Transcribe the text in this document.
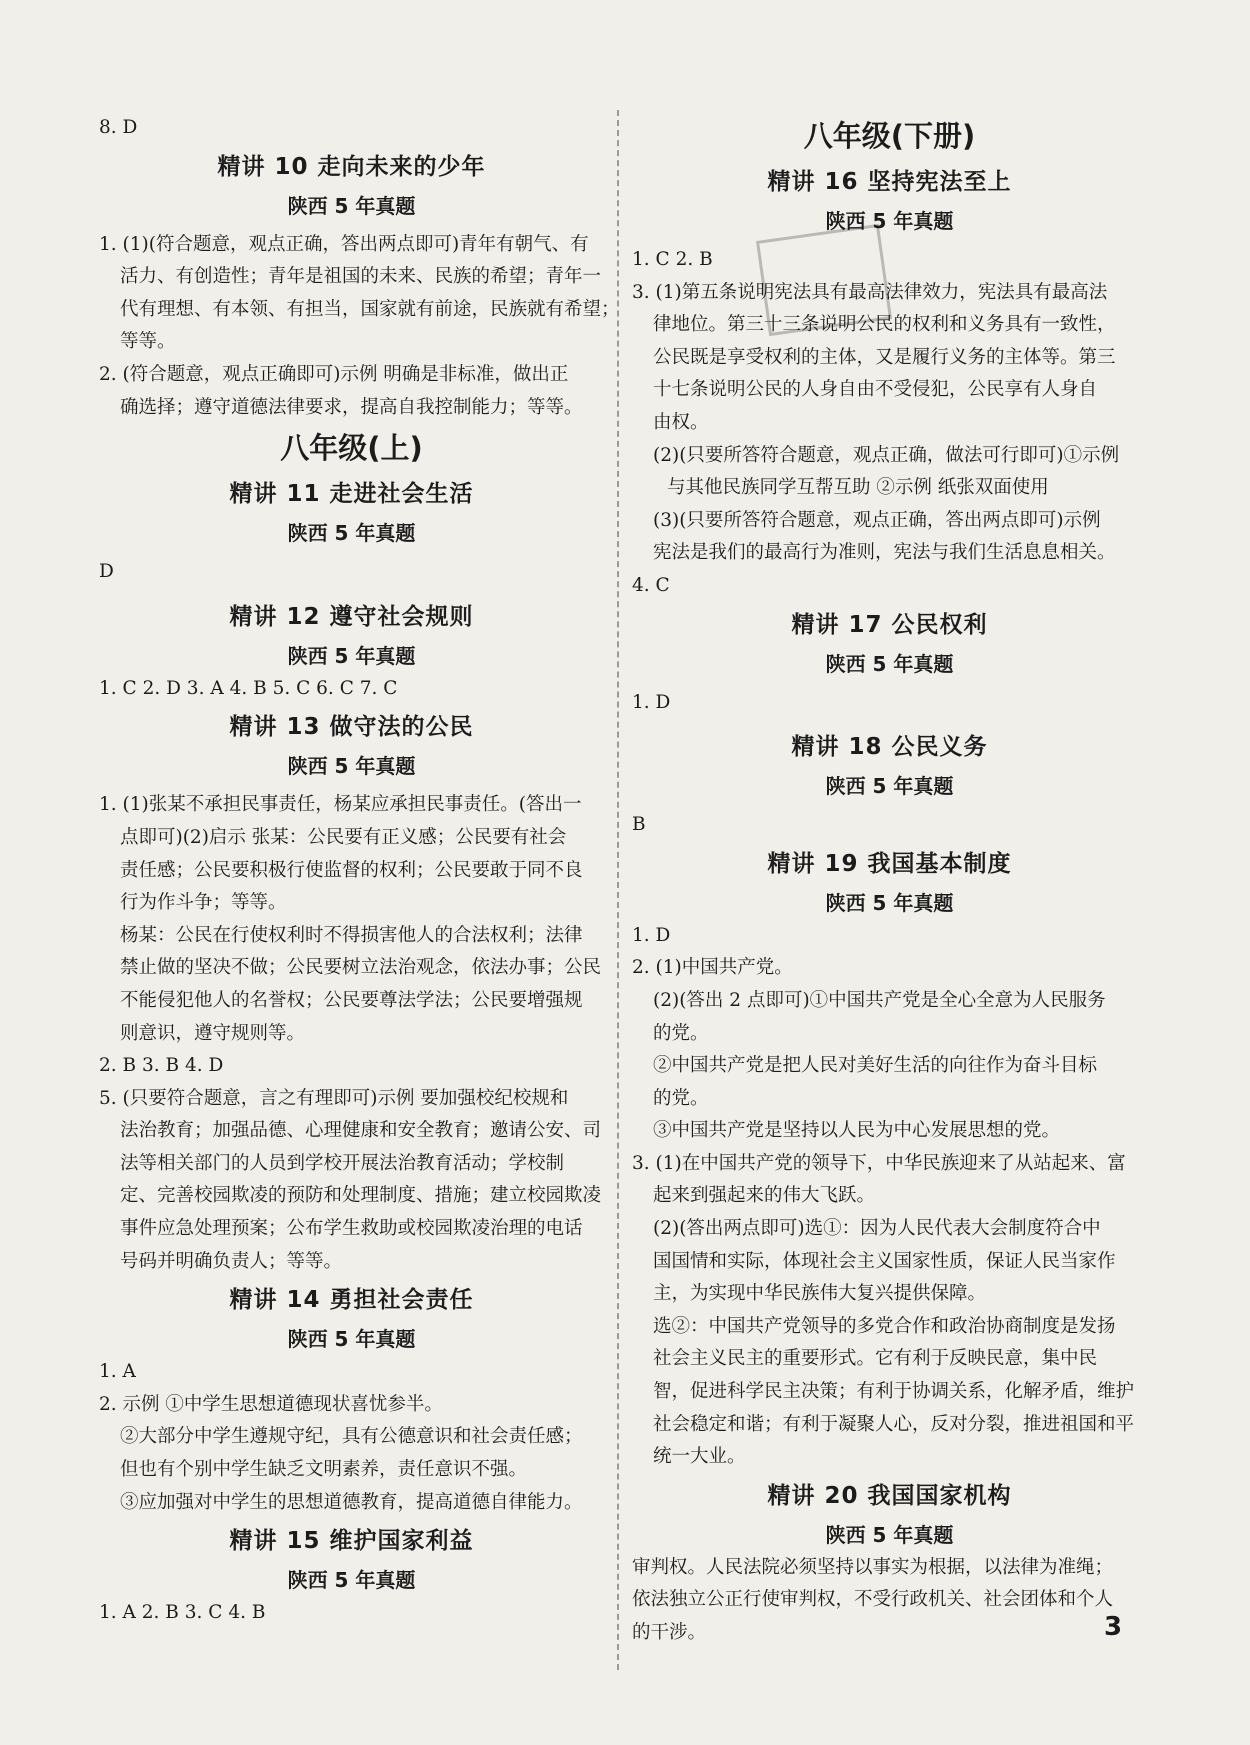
8. D
精讲 10 走向未来的少年
陕西 5 年真题
1. (1)(符合题意，观点正确，答出两点即可)青年有朝气、有
活力、有创造性；青年是祖国的未来、民族的希望；青年一
代有理想、有本领、有担当，国家就有前途，民族就有希望；
等等。
2. (符合题意，观点正确即可)示例 明确是非标准，做出正
确选择；遵守道德法律要求，提高自我控制能力；等等。
八年级(上)
精讲 11 走进社会生活
陕西 5 年真题
D
精讲 12 遵守社会规则
陕西 5 年真题
1. C 2. D 3. A 4. B 5. C 6. C 7. C
精讲 13 做守法的公民
陕西 5 年真题
1. (1)张某不承担民事责任，杨某应承担民事责任。(答出一
点即可)(2)启示 张某：公民要有正义感；公民要有社会
责任感；公民要积极行使监督的权利；公民要敢于同不良
行为作斗争；等等。
杨某：公民在行使权利时不得损害他人的合法权利；法律
禁止做的坚决不做；公民要树立法治观念，依法办事；公民
不能侵犯他人的名誉权；公民要尊法学法；公民要增强规
则意识，遵守规则等。
2. B 3. B 4. D
5. (只要符合题意，言之有理即可)示例 要加强校纪校规和
法治教育；加强品德、心理健康和安全教育；邀请公安、司
法等相关部门的人员到学校开展法治教育活动；学校制
定、完善校园欺凌的预防和处理制度、措施；建立校园欺凌
事件应急处理预案；公布学生救助或校园欺凌治理的电话
号码并明确负责人；等等。
精讲 14 勇担社会责任
陕西 5 年真题
1. A
2. 示例 ①中学生思想道德现状喜忧参半。
②大部分中学生遵规守纪，具有公德意识和社会责任感；
但也有个别中学生缺乏文明素养，责任意识不强。
③应加强对中学生的思想道德教育，提高道德自律能力。
精讲 15 维护国家利益
陕西 5 年真题
1. A 2. B 3. C 4. B
八年级(下册)
精讲 16 坚持宪法至上
陕西 5 年真题
1. C 2. B
3. (1)第五条说明宪法具有最高法律效力，宪法具有最高法
律地位。第三十三条说明公民的权利和义务具有一致性，
公民既是享受权利的主体，又是履行义务的主体等。第三
十七条说明公民的人身自由不受侵犯，公民享有人身自
由权。
(2)(只要所答符合题意，观点正确，做法可行即可)①示例
与其他民族同学互帮互助 ②示例 纸张双面使用
(3)(只要所答符合题意，观点正确，答出两点即可)示例
宪法是我们的最高行为准则，宪法与我们生活息息相关。
4. C
精讲 17 公民权利
陕西 5 年真题
1. D
精讲 18 公民义务
陕西 5 年真题
B
精讲 19 我国基本制度
陕西 5 年真题
1. D
2. (1)中国共产党。
(2)(答出 2 点即可)①中国共产党是全心全意为人民服务
的党。
②中国共产党是把人民对美好生活的向往作为奋斗目标
的党。
③中国共产党是坚持以人民为中心发展思想的党。
3. (1)在中国共产党的领导下，中华民族迎来了从站起来、富
起来到强起来的伟大飞跃。
(2)(答出两点即可)选①：因为人民代表大会制度符合中
国国情和实际，体现社会主义国家性质，保证人民当家作
主，为实现中华民族伟大复兴提供保障。
选②：中国共产党领导的多党合作和政治协商制度是发扬
社会主义民主的重要形式。它有利于反映民意，集中民
智，促进科学民主决策；有利于协调关系，化解矛盾，维护
社会稳定和谐；有利于凝聚人心，反对分裂，推进祖国和平
统一大业。
精讲 20 我国国家机构
陕西 5 年真题
审判权。人民法院必须坚持以事实为根据，以法律为准绳；
依法独立公正行使审判权，不受行政机关、社会团体和个人
的干涉。	3
